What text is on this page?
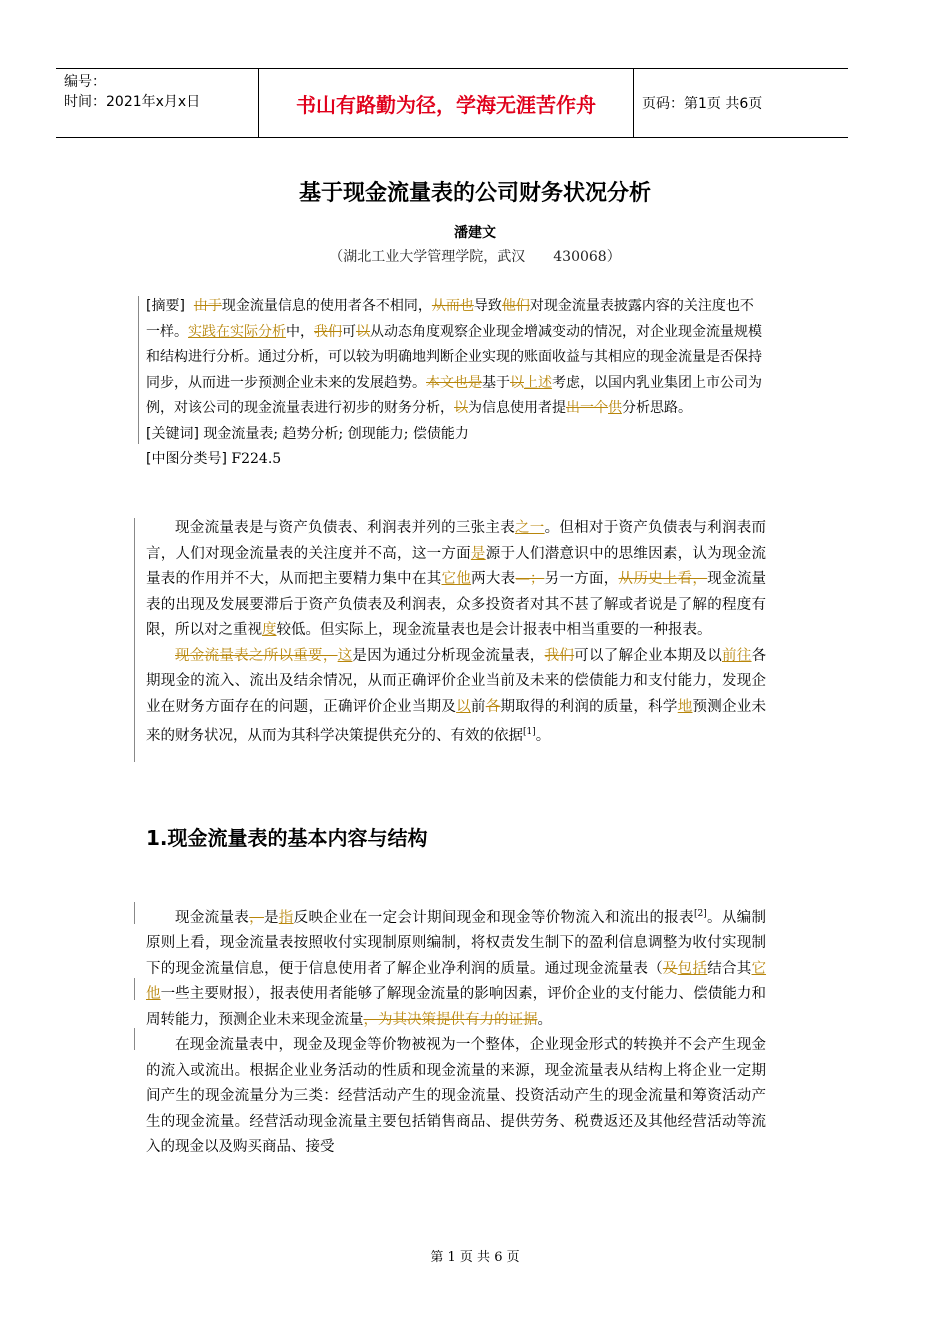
编号：
时间：2021年x月x日	书山有路勤为径，学海无涯苦作舟	页码：第1页 共6页
基于现金流量表的公司财务状况分析
潘建文
（湖北工业大学管理学院，武汉 430068）
[摘要] 由于现金流量信息的使用者各不相同，从而也导致他们对现金流量表披露内容的关注度也不一样。实践在实际分析中，我们可以从动态角度观察企业现金增减变动的情况，对企业现金流量规模和结构进行分析。通过分析，可以较为明确地判断企业实现的账面收益与其相应的现金流量是否保持同步，从而进一步预测企业未来的发展趋势。本文也是基于以上述考虑，以国内乳业集团上市公司为例，对该公司的现金流量表进行初步的财务分析，以为信息使用者提出一个供分析思路。
[关键词] 现金流量表; 趋势分析; 创现能力; 偿债能力
[中图分类号] F224.5

现金流量表是与资产负债表、利润表并列的三张主表之一。但相对于资产负债表与利润表而言，人们对现金流量表的关注度并不高，这一方面是源于人们潜意识中的思维因素，认为现金流量表的作用并不大，从而把主要精力集中在其它他两大表—；另一方面，从历史上看，现金流量表的出现及发展要滞后于资产负债表及利润表，众多投资者对其不甚了解或者说是了解的程度有限，所以对之重视度较低。但实际上，现金流量表也是会计报表中相当重要的一种报表。

现金流量表之所以重要，这是因为通过分析现金流量表，我们可以了解企业本期及以前往各期现金的流入、流出及结余情况，从而正确评价企业当前及未来的偿债能力和支付能力，发现企业在财务方面存在的问题，正确评价企业当期及以前各期取得的利润的质量，科学地预测企业未来的财务状况，从而为其科学决策提供充分的、有效的依据[1]。

1.现金流量表的基本内容与结构

现金流量表，是指反映企业在一定会计期间现金和现金等价物流入和流出的报表[2]。从编制原则上看，现金流量表按照收付实现制原则编制，将权责发生制下的盈利信息调整为收付实现制下的现金流量信息，便于信息使用者了解企业净利润的质量。通过现金流量表（及包括结合其它他一些主要财报），报表使用者能够了解现金流量的影响因素，评价企业的支付能力、偿债能力和周转能力，预测企业未来现金流量，为其决策提供有力的证据。

在现金流量表中，现金及现金等价物被视为一个整体，企业现金形式的转换并不会产生现金的流入或流出。根据企业业务活动的性质和现金流量的来源，现金流量表从结构上将企业一定期间产生的现金流量分为三类：经营活动产生的现金流量、投资活动产生的现金流量和筹资活动产生的现金流量。经营活动现金流量主要包括销售商品、提供劳务、税费返还及其他经营活动等流入的现金以及购买商品、接受

第 1 页 共 6 页
